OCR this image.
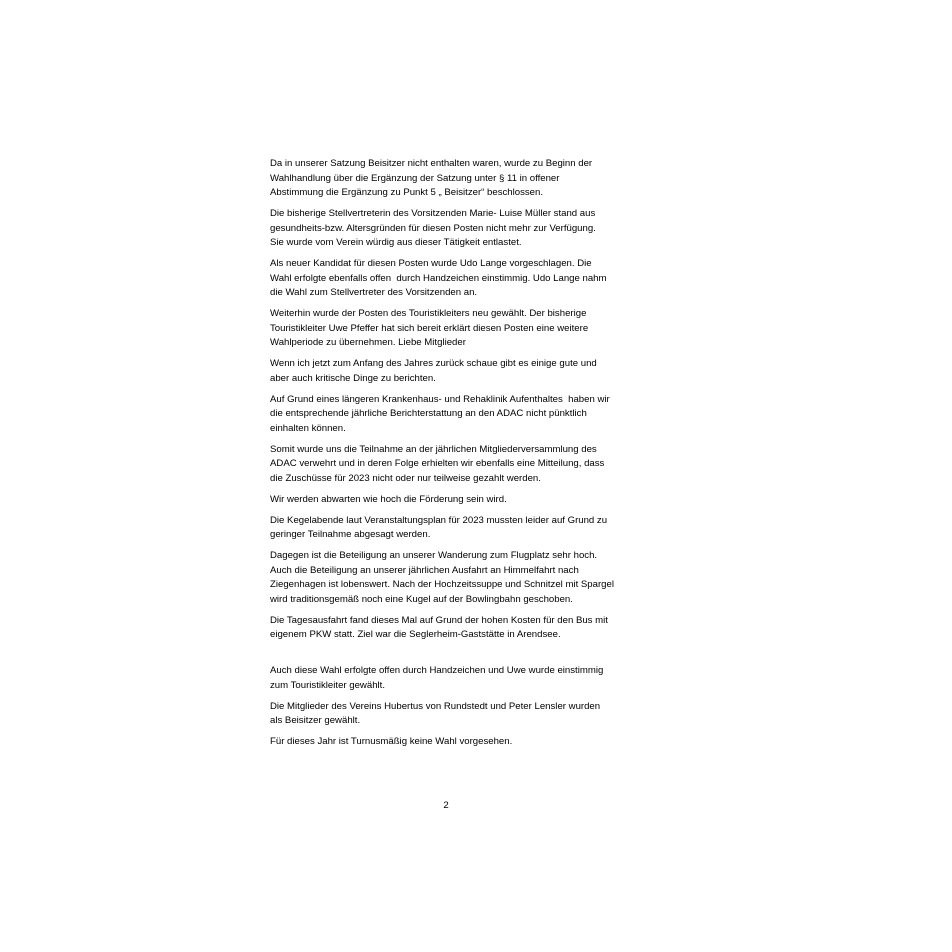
Da in unserer Satzung Beisitzer nicht enthalten waren, wurde zu Beginn der
Wahlhandlung über die Ergänzung der Satzung unter § 11 in offener
Abstimmung die Ergänzung zu Punkt 5 „ Beisitzer“ beschlossen.

Die bisherige Stellvertreterin des Vorsitzenden Marie- Luise Müller stand aus
gesundheits-bzw. Altersgründen für diesen Posten nicht mehr zur Verfügung.
Sie wurde vom Verein würdig aus dieser Tätigkeit entlastet.

Als neuer Kandidat für diesen Posten wurde Udo Lange vorgeschlagen. Die
Wahl erfolgte ebenfalls offen  durch Handzeichen einstimmig. Udo Lange nahm
die Wahl zum Stellvertreter des Vorsitzenden an.

Weiterhin wurde der Posten des Touristikleiters neu gewählt. Der bisherige
Touristikleiter Uwe Pfeffer hat sich bereit erklärt diesen Posten eine weitere
Wahlperiode zu übernehmen. Liebe Mitglieder

Wenn ich jetzt zum Anfang des Jahres zurück schaue gibt es einige gute und
aber auch kritische Dinge zu berichten.

Auf Grund eines längeren Krankenhaus- und Rehaklinik Aufenthaltes  haben wir
die entsprechende jährliche Berichterstattung an den ADAC nicht pünktlich
einhalten können.

Somit wurde uns die Teilnahme an der jährlichen Mitgliederversammlung des
ADAC verwehrt und in deren Folge erhielten wir ebenfalls eine Mitteilung, dass
die Zuschüsse für 2023 nicht oder nur teilweise gezahlt werden.

Wir werden abwarten wie hoch die Förderung sein wird.

Die Kegelabende laut Veranstaltungsplan für 2023 mussten leider auf Grund zu
geringer Teilnahme abgesagt werden.

Dagegen ist die Beteiligung an unserer Wanderung zum Flugplatz sehr hoch.
Auch die Beteiligung an unserer jährlichen Ausfahrt an Himmelfahrt nach
Ziegenhagen ist lobenswert. Nach der Hochzeitssuppe und Schnitzel mit Spargel
wird traditionsgemäß noch eine Kugel auf der Bowlingbahn geschoben.

Die Tagesausfahrt fand dieses Mal auf Grund der hohen Kosten für den Bus mit
eigenem PKW statt. Ziel war die Seglerheim-Gaststätte in Arendsee.

Auch diese Wahl erfolgte offen durch Handzeichen und Uwe wurde einstimmig
zum Touristikleiter gewählt.

Die Mitglieder des Vereins Hubertus von Rundstedt und Peter Lensler wurden
als Beisitzer gewählt.

Für dieses Jahr ist Turnusmäßig keine Wahl vorgesehen.

2
